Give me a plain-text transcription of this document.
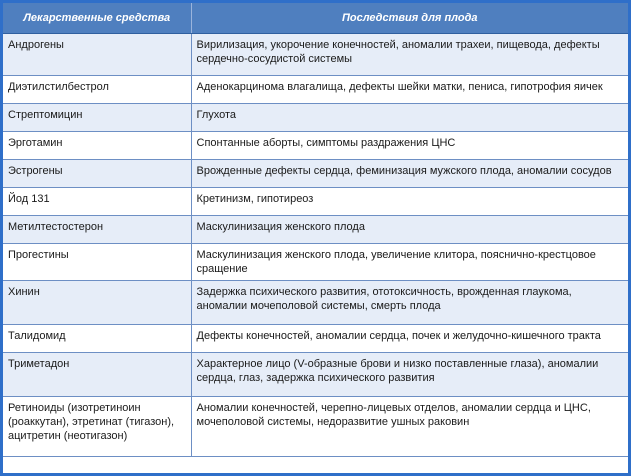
Лекарственные средства	Последствия для плода
Андрогены	Вирилизация, укорочение конечностей, аномалии трахеи, пищевода, дефекты сердечно-сосудистой системы
Диэтилстилбестрол	Аденокарцинома влагалища, дефекты шейки матки, пениса, гипотрофия яичек
Стрептомицин	Глухота
Эрготамин	Спонтанные аборты, симптомы раздражения ЦНС
Эстрогены	Врожденные дефекты сердца, феминизация мужского плода, аномалии сосудов
Йод 131	Кретинизм, гипотиреоз
Метилтестостерон	Маскулинизация женского плода
Прогестины	Маскулинизация женского плода, увеличение клитора, пояснично-крестцовое сращение
Хинин	Задержка психического развития, ототоксичность, врожденная глаукома, аномалии мочеполовой системы, смерть плода
Талидомид	Дефекты конечностей, аномалии сердца, почек и желудочно-кишечного тракта
Триметадон	Характерное лицо (V-образные брови и низко поставленные глаза), аномалии сердца, глаз, задержка психического развития
Ретиноиды (изотретиноин (роаккутан), этретинат (тигазон), ацитретин (неотигазон)	Аномалии конечностей, черепно-лицевых отделов, аномалии сердца и ЦНС, мочеполовой системы, недоразвитие ушных раковин
